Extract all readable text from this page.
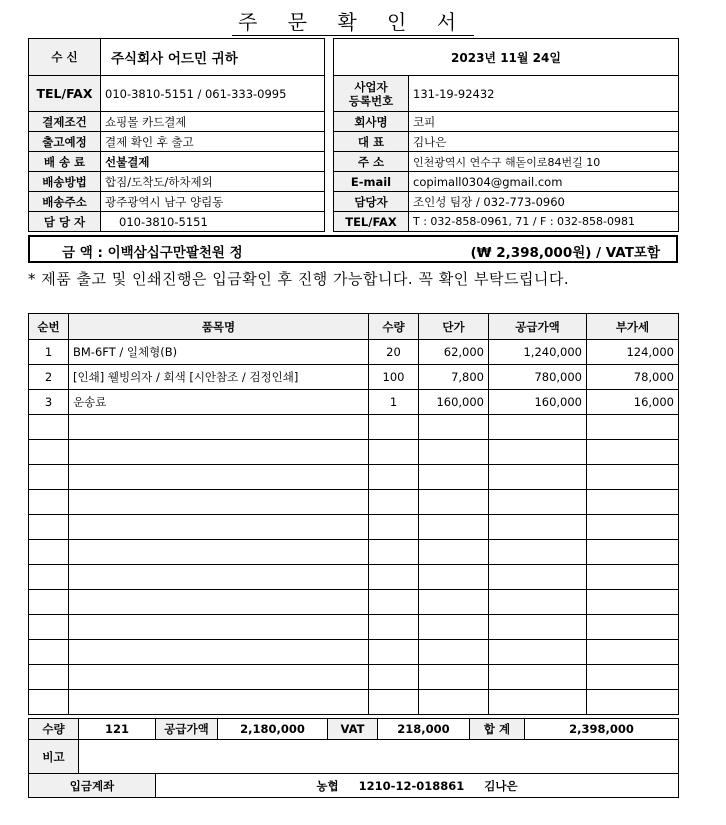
주 문 확 인 서
수 신	주식회사 어드민 귀하
TEL/FAX	010-3810-5151 / 061-333-0995
결제조건	쇼핑몰 카드결제
출고예정	결제 확인 후 출고
배 송 료	선불결제
배송방법	합짐/도착도/하차제외
배송주소	광주광역시 남구 양림동
담 당 자	010-3810-5151
2023년 11월 24일	
사업자
등록번호	131-19-92432
회사명	코피
대 표	김나은
주 소	인천광역시 연수구 해돋이로84번길 10
E-mail	copimall0304@gmail.com
담당자	조인성 팀장 / 032-773-0960
TEL/FAX	T : 032-858-0961, 71 / F : 032-858-0981
금 액 : 이백삼십구만팔천원 정	(₩ 2,398,000원) / VAT포함
* 제품 출고 및 인쇄진행은 입금확인 후 진행 가능합니다. 꼭 확인 부탁드립니다.
순번	품목명	수량	단가	공급가액	부가세
1	BM-6FT / 일체형(B)	20	62,000	1,240,000	124,000
2	[인쇄] 웰빙의자 / 회색 [시안참조 / 검정인쇄]	100	7,800	780,000	78,000
3	운송료	1	160,000	160,000	16,000

수량	121	공급가액	2,180,000	VAT	218,000	합 계	2,398,000
비고							
입금계좌		농협     1210-12-018861     김나은					
